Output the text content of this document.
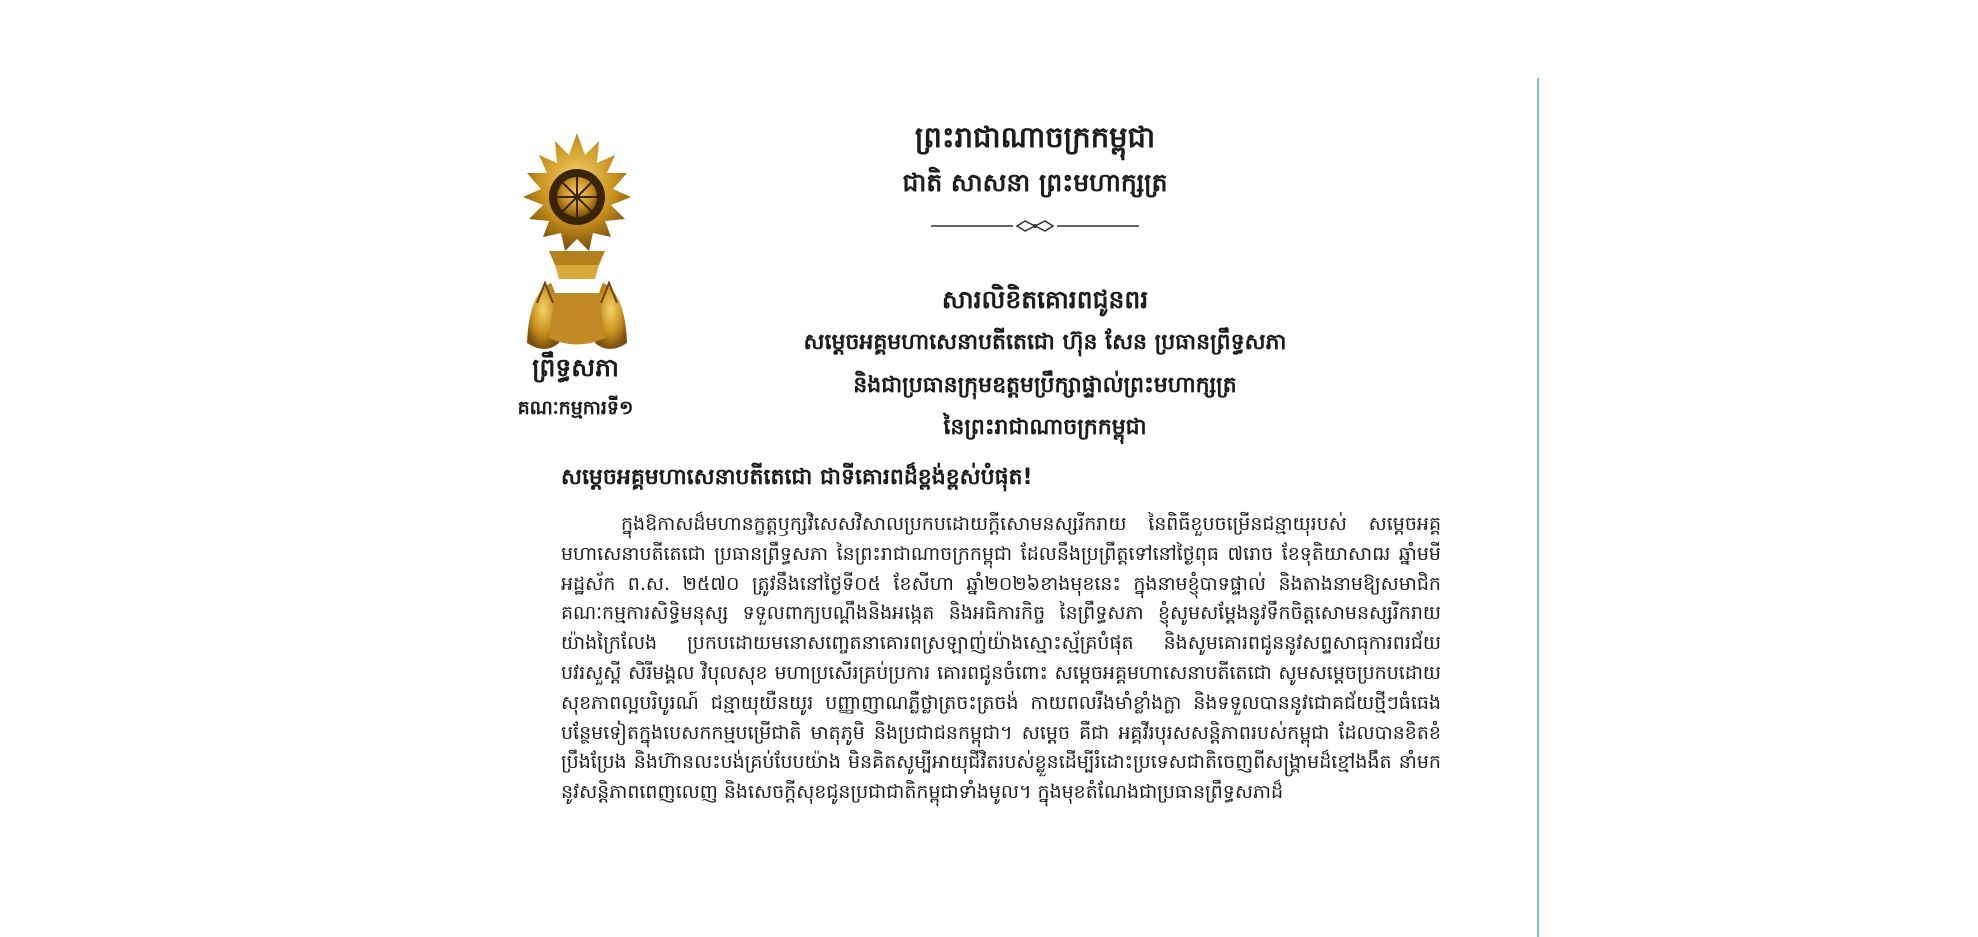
ព្រឹទ្ធសភា
គណៈកម្មការទី១
ព្រះរាជាណាចក្រកម្ពុជា
ជាតិ សាសនា ព្រះមហាក្សត្រ
សារលិខិតគោរពជូនពរ
សម្តេចអគ្គមហាសេនាបតីតេជោ ហ៊ុន សែន ប្រធានព្រឹទ្ធសភា
និងជាប្រធានក្រុមឧត្តមប្រឹក្សាផ្ទាល់ព្រះមហាក្សត្រ
នៃព្រះរាជាណាចក្រកម្ពុជា
សម្តេចអគ្គមហាសេនាបតីតេជោ ជាទីគោរពដ៏ខ្ពង់ខ្ពស់បំផុត!
ក្នុងឱកាសដ៏មហានក្ខត្តឫក្សវិសេសវិសាលប្រកបដោយក្តីសោមនស្សរីករាយ នៃពិធីខួបចម្រើនជន្មាយុរបស់ សម្តេចអគ្គមហាសេនាបតីតេជោ ប្រធានព្រឹទ្ធសភា នៃព្រះរាជាណាចក្រកម្ពុជា ដែលនឹងប្រព្រឹត្តទៅនៅថ្ងៃពុធ ៧រោច ខែទុតិយាសាឍ ឆ្នាំមមី អដ្ឋស័ក ព.ស. ២៥៧០ ត្រូវនឹងនៅថ្ងៃទី០៥ ខែសីហា ឆ្នាំ២០២៦ខាងមុខនេះ ក្នុងនាមខ្ញុំបាទផ្ទាល់ និងតាងនាមឱ្យសមាជិកគណៈកម្មការសិទ្ធិមនុស្ស ទទួលពាក្យបណ្តឹងនិងអង្កេត និងអធិការកិច្ច នៃព្រឹទ្ធសភា ខ្ញុំសូមសម្តែងនូវទឹកចិត្តសោមនស្សរីករាយយ៉ាងក្រៃលែង ប្រកបដោយមនោសញ្ចេតនាគោរពស្រឡាញ់យ៉ាងស្មោះស្ម័គ្របំផុត និងសូមគោរពជូននូវសព្ទសាធុការពរជ័យ បវរសួស្តី សិរីមង្គល វិបុលសុខ មហាប្រសើរគ្រប់ប្រការ គោរពជូនចំពោះ សម្តេចអគ្គមហាសេនាបតីតេជោ សូមសម្តេចប្រកបដោយ សុខភាពល្អបរិបូរណ៍ ជន្មាយុយឺនយូរ បញ្ញាញាណភ្លឺថ្លាត្រចះត្រចង់ កាយពលរឹងមាំខ្លាំងក្លា និងទទួលបាននូវជោគជ័យថ្មីៗធំធេងបន្ថែមទៀតក្នុងបេសកកម្មបម្រើជាតិ មាតុភូមិ និងប្រជាជនកម្ពុជា។ សម្តេច គឺជា អគ្គវីរបុរសសន្តិភាពរបស់កម្ពុជា ដែលបានខិតខំប្រឹងប្រែង និងហ៊ានលះបង់គ្រប់បែបយ៉ាង មិនគិតសូម្បីអាយុជីវិតរបស់ខ្លួនដើម្បីរំដោះប្រទេសជាតិចេញពីសង្គ្រាមដ៏ខ្មៅងងឹត នាំមកនូវសន្តិភាពពេញលេញ និងសេចក្តីសុខជូនប្រជាជាតិកម្ពុជាទាំងមូល។ ក្នុងមុខតំណែងជាប្រធានព្រឹទ្ធសភាដ៏
